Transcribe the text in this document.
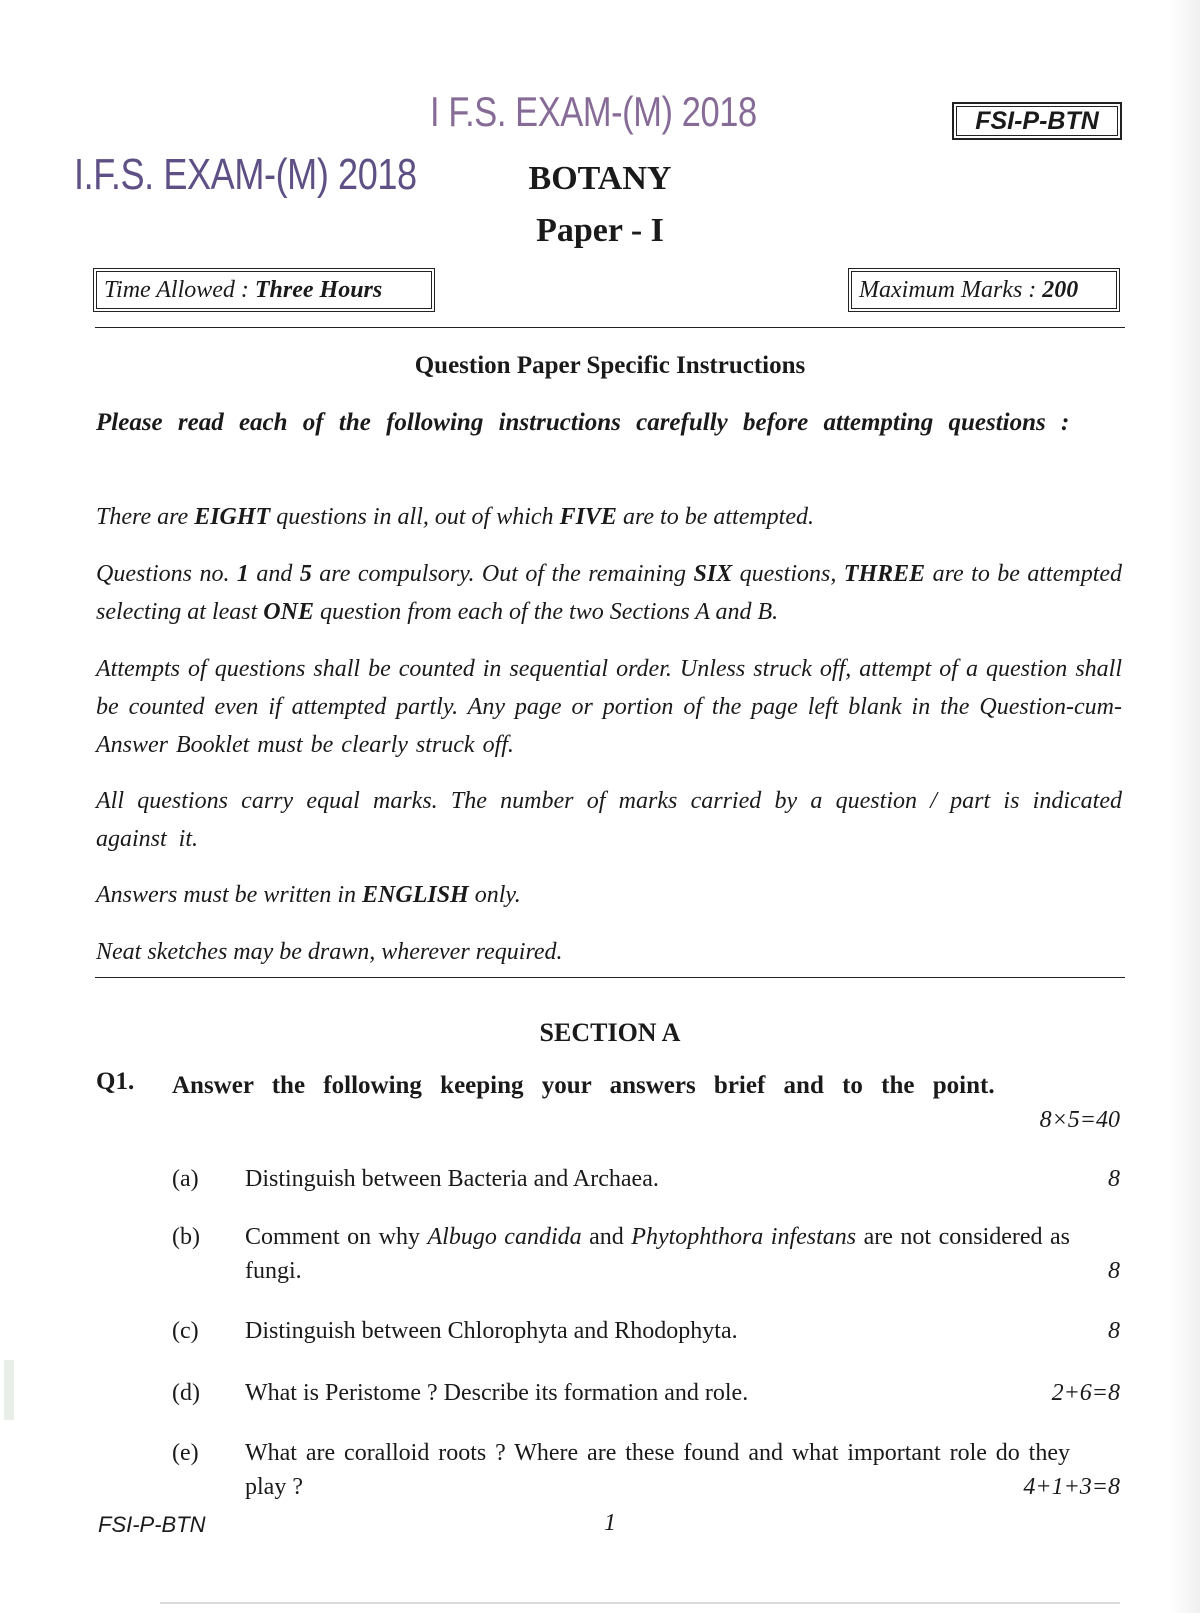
I F.S. EXAM-(M) 2018
I.F.S. EXAM-(M) 2018
FSI-P-BTN
BOTANY
Paper - I
Time Allowed : Three Hours	Maximum Marks : 200
Question Paper Specific Instructions
Please read each of the following instructions carefully before attempting questions :
There are EIGHT questions in all, out of which FIVE are to be attempted.
Questions no. 1 and 5 are compulsory. Out of the remaining SIX questions, THREE are to be attempted selecting at least ONE question from each of the two Sections A and B.
Attempts of questions shall be counted in sequential order. Unless struck off, attempt of a question shall be counted even if attempted partly. Any page or portion of the page left blank in the Question-cum-Answer Booklet must be clearly struck off.
All questions carry equal marks. The number of marks carried by a question / part is indicated against it.
Answers must be written in ENGLISH only.
Neat sketches may be drawn, wherever required.
SECTION A
Q1. Answer the following keeping your answers brief and to the point.
8×5=40
(a) Distinguish between Bacteria and Archaea.	8
(b) Comment on why Albugo candida and Phytophthora infestans are not considered as fungi.	8
(c) Distinguish between Chlorophyta and Rhodophyta.	8
(d) What is Peristome ? Describe its formation and role.	2+6=8
(e) What are coralloid roots ? Where are these found and what important role do they play ?	4+1+3=8
FSI-P-BTN	1
